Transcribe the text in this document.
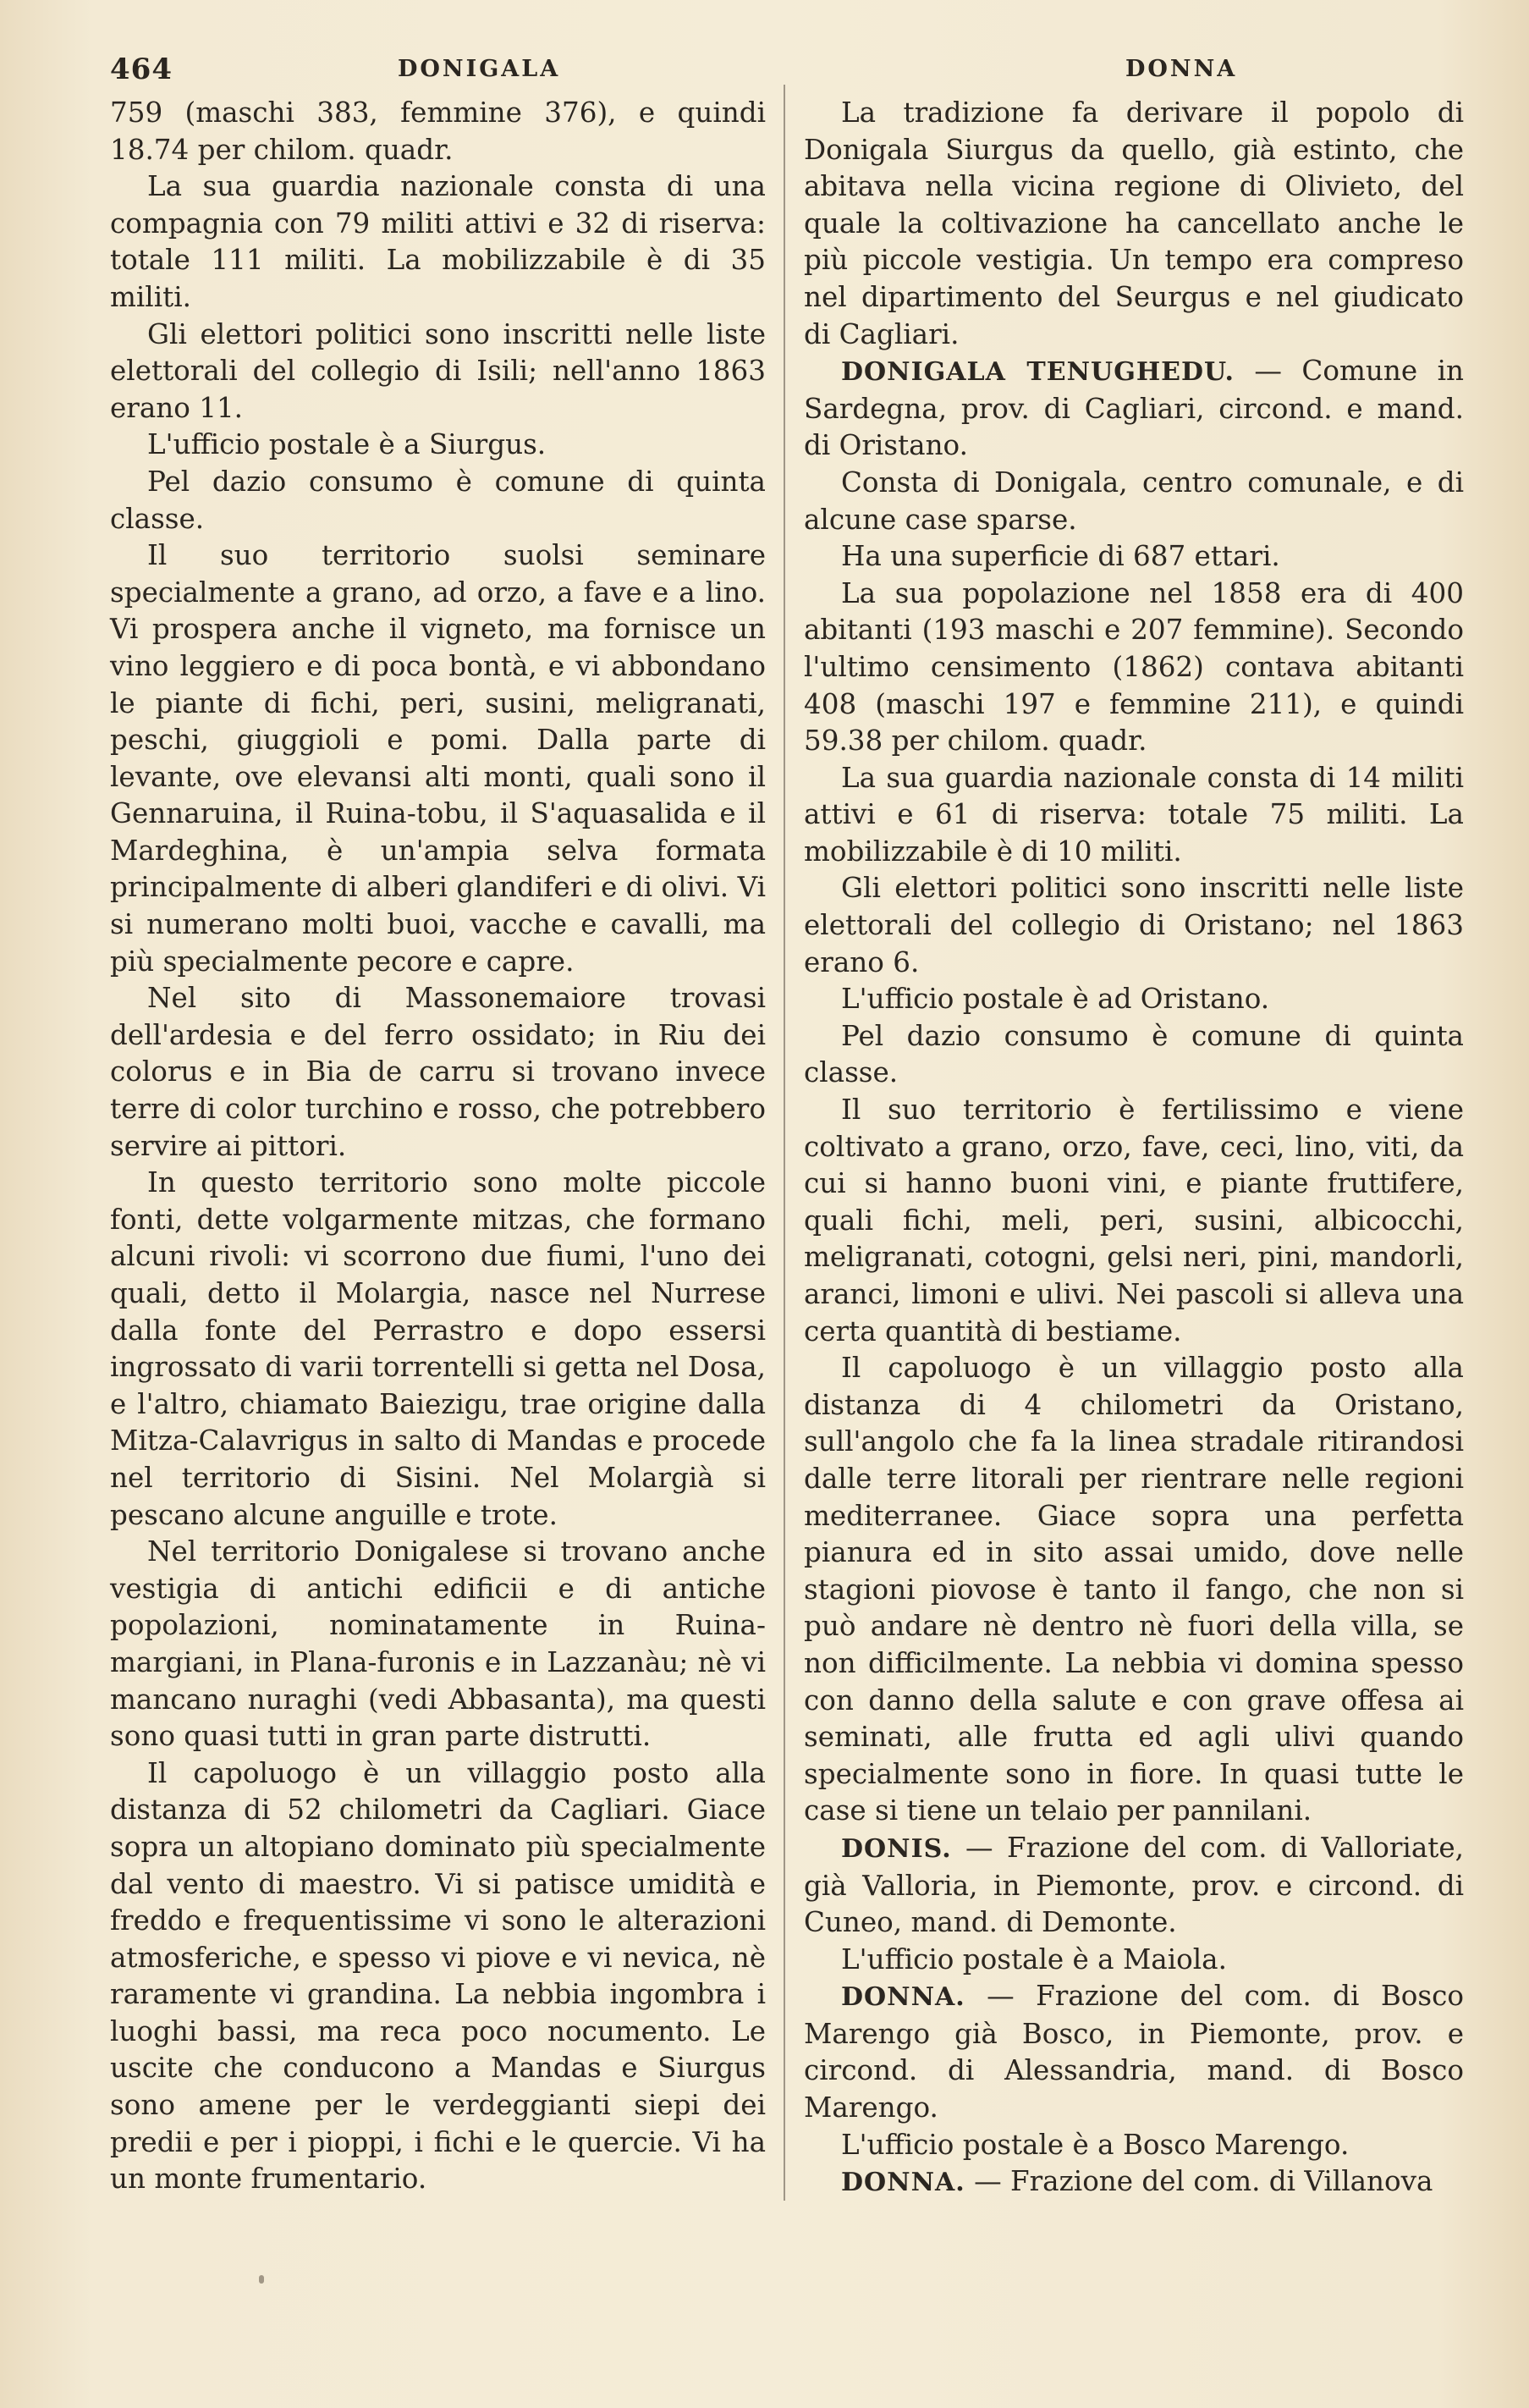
464	DONIGALA	DONNA

759 (maschi 383, femmine 376), e quindi 18.74 per chilom. quadr.

La sua guardia nazionale consta di una compagnia con 79 militi attivi e 32 di riserva: totale 111 militi. La mobilizzabile è di 35 militi.

Gli elettori politici sono inscritti nelle liste elettorali del collegio di Isili; nell'anno 1863 erano 11.

L'ufficio postale è a Siurgus.

Pel dazio consumo è comune di quinta classe.

Il suo territorio suolsi seminare specialmente a grano, ad orzo, a fave e a lino. Vi prospera anche il vigneto, ma fornisce un vino leggiero e di poca bontà, e vi abbondano le piante di fichi, peri, susini, meligranati, peschi, giuggioli e pomi. Dalla parte di levante, ove elevansi alti monti, quali sono il Gennaruina, il Ruina-tobu, il S'aquasalida e il Mardeghina, è un'ampia selva formata principalmente di alberi glandiferi e di olivi. Vi si numerano molti buoi, vacche e cavalli, ma più specialmente pecore e capre.

Nel sito di Massonemaiore trovasi dell'ardesia e del ferro ossidato; in Riu dei colorus e in Bia de carru si trovano invece terre di color turchino e rosso, che potrebbero servire ai pittori.

In questo territorio sono molte piccole fonti, dette volgarmente mitzas, che formano alcuni rivoli: vi scorrono due fiumi, l'uno dei quali, detto il Molargia, nasce nel Nurrese dalla fonte del Perrastro e dopo essersi ingrossato di varii torrentelli si getta nel Dosa, e l'altro, chiamato Baiezigu, trae origine dalla Mitza-Calavrigus in salto di Mandas e procede nel territorio di Sisini. Nel Molargià si pescano alcune anguille e trote.

Nel territorio Donigalese si trovano anche vestigia di antichi edificii e di antiche popolazioni, nominatamente in Ruina-margiani, in Plana-furonis e in Lazzanàu; nè vi mancano nuraghi (vedi Abbasanta), ma questi sono quasi tutti in gran parte distrutti.

Il capoluogo è un villaggio posto alla distanza di 52 chilometri da Cagliari. Giace sopra un altopiano dominato più specialmente dal vento di maestro. Vi si patisce umidità e freddo e frequentissime vi sono le alterazioni atmosferiche, e spesso vi piove e vi nevica, nè raramente vi grandina. La nebbia ingombra i luoghi bassi, ma reca poco nocumento. Le uscite che conducono a Mandas e Siurgus sono amene per le verdeggianti siepi dei predii e per i pioppi, i fichi e le quercie. Vi ha un monte frumentario.

La tradizione fa derivare il popolo di Donigala Siurgus da quello, già estinto, che abitava nella vicina regione di Olivieto, del quale la coltivazione ha cancellato anche le più piccole vestigia. Un tempo era compreso nel dipartimento del Seurgus e nel giudicato di Cagliari.

DONIGALA TENUGHEDU. — Comune in Sardegna, prov. di Cagliari, circond. e mand. di Oristano.

Consta di Donigala, centro comunale, e di alcune case sparse.

Ha una superficie di 687 ettari.

La sua popolazione nel 1858 era di 400 abitanti (193 maschi e 207 femmine). Secondo l'ultimo censimento (1862) contava abitanti 408 (maschi 197 e femmine 211), e quindi 59.38 per chilom. quadr.

La sua guardia nazionale consta di 14 militi attivi e 61 di riserva: totale 75 militi. La mobilizzabile è di 10 militi.

Gli elettori politici sono inscritti nelle liste elettorali del collegio di Oristano; nel 1863 erano 6.

L'ufficio postale è ad Oristano.

Pel dazio consumo è comune di quinta classe.

Il suo territorio è fertilissimo e viene coltivato a grano, orzo, fave, ceci, lino, viti, da cui si hanno buoni vini, e piante fruttifere, quali fichi, meli, peri, susini, albicocchi, meligranati, cotogni, gelsi neri, pini, mandorli, aranci, limoni e ulivi. Nei pascoli si alleva una certa quantità di bestiame.

Il capoluogo è un villaggio posto alla distanza di 4 chilometri da Oristano, sull'angolo che fa la linea stradale ritirandosi dalle terre litorali per rientrare nelle regioni mediterranee. Giace sopra una perfetta pianura ed in sito assai umido, dove nelle stagioni piovose è tanto il fango, che non si può andare nè dentro nè fuori della villa, se non difficilmente. La nebbia vi domina spesso con danno della salute e con grave offesa ai seminati, alle frutta ed agli ulivi quando specialmente sono in fiore. In quasi tutte le case si tiene un telaio per pannilani.

DONIS. — Frazione del com. di Valloriate, già Valloria, in Piemonte, prov. e circond. di Cuneo, mand. di Demonte.

L'ufficio postale è a Maiola.

DONNA. — Frazione del com. di Bosco Marengo già Bosco, in Piemonte, prov. e circond. di Alessandria, mand. di Bosco Marengo.

L'ufficio postale è a Bosco Marengo.

DONNA. — Frazione del com. di Villanova
